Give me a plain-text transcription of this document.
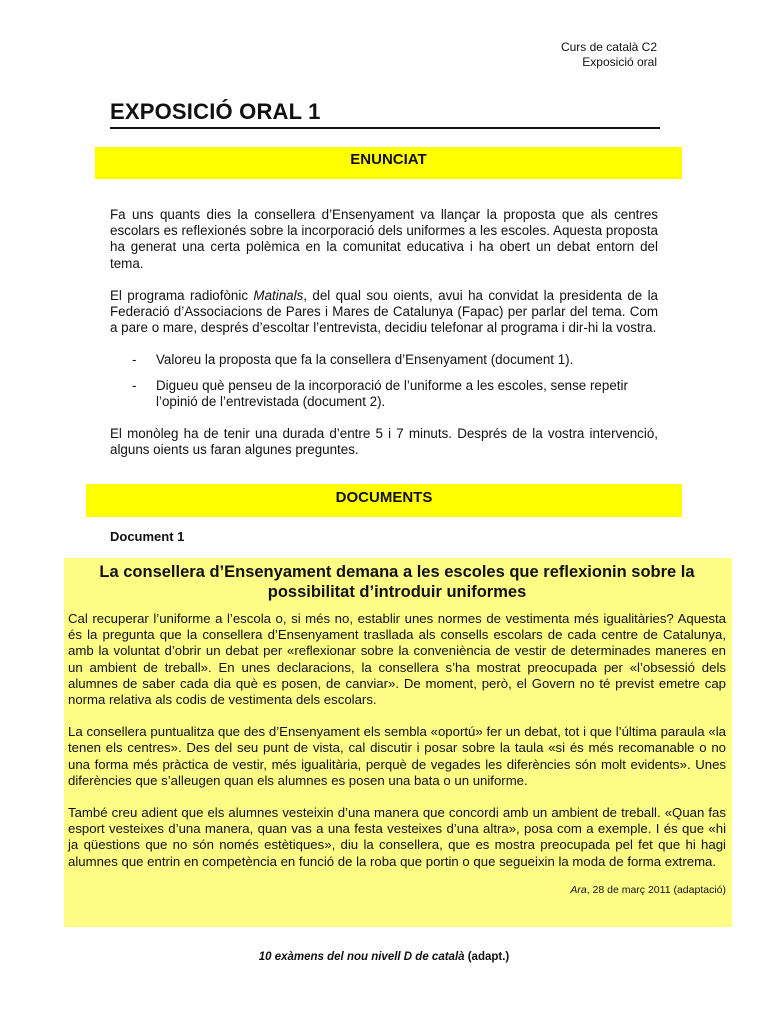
Curs de català C2
Exposició oral
EXPOSICIÓ ORAL 1
ENUNCIAT

Fa uns quants dies la consellera d’Ensenyament va llançar la proposta que als centres escolars es reflexionés sobre la incorporació dels uniformes a les escoles. Aquesta proposta ha generat una certa polèmica en la comunitat educativa i ha obert un debat entorn del tema.

El programa radiofònic Matinals, del qual sou oients, avui ha convidat la presidenta de la Federació d’Associacions de Pares i Mares de Catalunya (Fapac) per parlar del tema. Com a pare o mare, després d’escoltar l’entrevista, decidiu telefonar al programa i dir-hi la vostra.

- Valoreu la proposta que fa la consellera d’Ensenyament (document 1).
- Digueu què penseu de la incorporació de l’uniforme a les escoles, sense repetir l’opinió de l’entrevistada (document 2).

El monòleg ha de tenir una durada d’entre 5 i 7 minuts. Després de la vostra intervenció, alguns oients us faran algunes preguntes.

DOCUMENTS
Document 1
La consellera d’Ensenyament demana a les escoles que reflexionin sobre la possibilitat d’introduir uniformes

Cal recuperar l’uniforme a l’escola o, si més no, establir unes normes de vestimenta més igualitàries? Aquesta és la pregunta que la consellera d’Ensenyament trasllada als consells escolars de cada centre de Catalunya, amb la voluntat d’obrir un debat per «reflexionar sobre la conveniència de vestir de determinades maneres en un ambient de treball». En unes declaracions, la consellera s’ha mostrat preocupada per «l’obsessió dels alumnes de saber cada dia què es posen, de canviar». De moment, però, el Govern no té previst emetre cap norma relativa als codis de vestimenta dels escolars.

La consellera puntualitza que des d’Ensenyament els sembla «oportú» fer un debat, tot i que l’última paraula «la tenen els centres». Des del seu punt de vista, cal discutir i posar sobre la taula «si és més recomanable o no una forma més pràctica de vestir, més igualitària, perquè de vegades les diferències són molt evidents». Unes diferències que s’alleugen quan els alumnes es posen una bata o un uniforme.

També creu adient que els alumnes vesteixin d’una manera que concordi amb un ambient de treball. «Quan fas esport vesteixes d’una manera, quan vas a una festa vesteixes d’una altra», posa com a exemple. I és que «hi ja qüestions que no són només estètiques», diu la consellera, que es mostra preocupada pel fet que hi hagi alumnes que entrin en competència en funció de la roba que portin o que segueixin la moda de forma extrema.

Ara, 28 de març 2011 (adaptació)
10 exàmens del nou nivell D de català (adapt.)
